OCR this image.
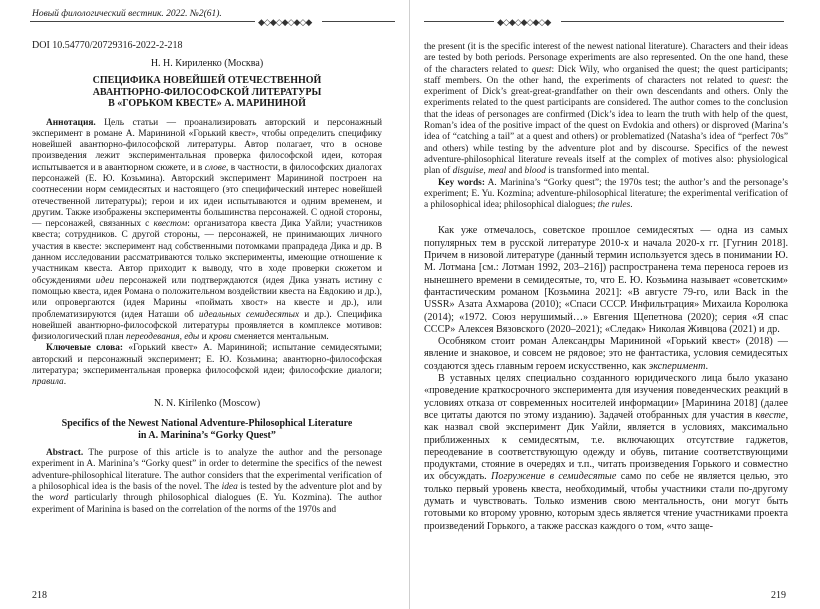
Новый филологический вестник. 2022. №2(61).
◆◇◆◇◆◇◆◇◆

DOI 10.54770/20729316-2022-2-218

Н. Н. Кириленко (Москва)

СПЕЦИФИКА НОВЕЙШЕЙ ОТЕЧЕСТВЕННОЙ

АВАНТЮРНО-ФИЛОСОФСКОЙ ЛИТЕРАТУРЫ

В «ГОРЬКОМ КВЕСТЕ» А. МАРИНИНОЙ

Аннотация. Цель статьи — проанализировать авторский и персонажный эксперимент в романе А. Марининой «Горький квест», чтобы определить специфику новейшей авантюрно-философской литературы. Автор полагает, что в основе произведения лежит экспериментальная проверка философской идеи, которая испытывается и в авантюрном сюжете, и в слове, в частности, в философских диалогах персонажей (Е. Ю. Козьмина). Авторский эксперимент Марининой построен на соотнесении норм семидесятых и настоящего (это специфический интерес новейшей отечественной литературы); герои и их идеи испытываются и одним временем, и другим. Также изображены эксперименты большинства персонажей. С одной стороны, — персонажей, связанных с квестом: организатора квеста Дика Уайли; участников квеста; сотрудников. С другой стороны, — персонажей, не принимающих личного участия в квесте: эксперимент над собственными потомками прапрадеда Дика и др. В данном исследовании рассматриваются только эксперименты, имеющие отношение к участникам квеста. Автор приходит к выводу, что в ходе проверки сюжетом и обсуждениями идеи персонажей или подтверждаются (идея Дика узнать истину с помощью квеста, идея Романа о положительном воздействии квеста на Евдокию и др.), или опровергаются (идея Марины «поймать хвост» на квесте и др.), или проблематизируются (идея Наташи об идеальных семидесятых и др.). Специфика новейшей авантюрно-философской литературы проявляется в комплексе мотивов: физиологический план переодевания, еды и крови сменяется ментальным.

Ключевые слова: «Горький квест» А. Марининой; испытание семидесятыми; авторский и персонажный эксперимент; Е. Ю. Козьмина; авантюрно-философская литература; экспериментальная проверка философской идеи; философские диалоги; правила.

N. N. Kirilenko (Moscow)

Specifics of the Newest National Adventure-Philosophical Literature

in A. Marinina’s “Gorky Quest”

Abstract. The purpose of this article is to analyze the author and the personage experiment in A. Marinina’s “Gorky quest” in order to determine the specifics of the newest adventure-philosophical literature. The author considers that the experimental verification of a philosophical idea is the basis of the novel. The idea is tested by the adventure plot and by the word particularly through philosophical dialogues (E. Yu. Kozmina). The author experiment of Marinina is based on the correlation of the norms of the 1970s and

218
◆◇◆◇◆◇◆◇◆

the present (it is the specific interest of the newest national literature). Characters and their ideas are tested by both periods. Personage experiments are also represented. On the one hand, these of the characters related to quest: Dick Wily, who organised the quest; the quest participants; staff members. On the other hand, the experiments of characters not related to quest: the experiment of Dick’s great-great-grandfather on their own descendants and others. Only the experiments related to the quest participants are considered. The author comes to the conclusion that the ideas of personages are confirmed (Dick’s idea to learn the truth with help of the quest, Roman’s idea of the positive impact of the quest on Evdokia and others) or disproved (Marina’s idea of “catching a tail” at a quest and others) or problematized (Natasha’s idea of “perfect 70s” and others) while testing by the adventure plot and by discourse. Specifics of the newest adventure-philosophical literature reveals itself at the complex of motives also: physiological plan of disguise, meal and blood is transformed into mental.

Key words: A. Marinina’s “Gorky quest”; the 1970s test; the author’s and the personage’s experiment; E. Yu. Kozmina; adventure-philosophical literature; the experimental verification of a philosophical idea; philosophical dialogues; the rules.

Как уже отмечалось, советское прошлое семидесятых — одна из самых популярных тем в русской литературе 2010-х и начала 2020-х гг. [Гугнин 2018]. Причем в низовой литературе (данный термин используется здесь в понимании Ю. М. Лотмана [см.: Лотман 1992, 203–216]) распространена тема переноса героев из нынешнего времени в семидесятые, то, что Е. Ю. Козьмина называет «советским» фантастическим романом [Козьмина 2021]: «В августе 79-го, или Back in the USSR» Азата Ахмарова (2010); «Спаси СССР. Инфильтрация» Михаила Королюка (2014); «1972. Союз нерушимый…» Евгения Щепетнова (2020); серия «Я спас СССР» Алексея Вязовского (2020–2021); «Следак» Николая Живцова (2021) и др.

Особняком стоит роман Александры Марининой «Горький квест» (2018) — явление и знаковое, и совсем не рядовое; это не фантастика, условия семидесятых создаются здесь главным героем искусственно, как эксперимент.

В уставных целях специально созданного юридического лица было указано «проведение краткосрочного эксперимента для изучения поведенческих реакций в условиях отказа от современных носителей информации» [Маринина 2018] (далее все цитаты даются по этому изданию). Задачей отобранных для участия в квесте, как назвал свой эксперимент Дик Уайли, является в условиях, максимально приближенных к семидесятым, т.е. включающих отсутствие гаджетов, переодевание в соответствующую одежду и обувь, питание соответствующими продуктами, стояние в очередях и т.п., читать произведения Горького и совместно их обсуждать. Погружение в семидесятые само по себе не является целью, это только первый уровень квеста, необходимый, чтобы участники стали по-другому думать и чувствовать. Только изменив свою ментальность, они могут быть готовыми ко второму уровню, которым здесь является чтение участниками проекта произведений Горького, а также рассказ каждого о том, «что заще-

219
